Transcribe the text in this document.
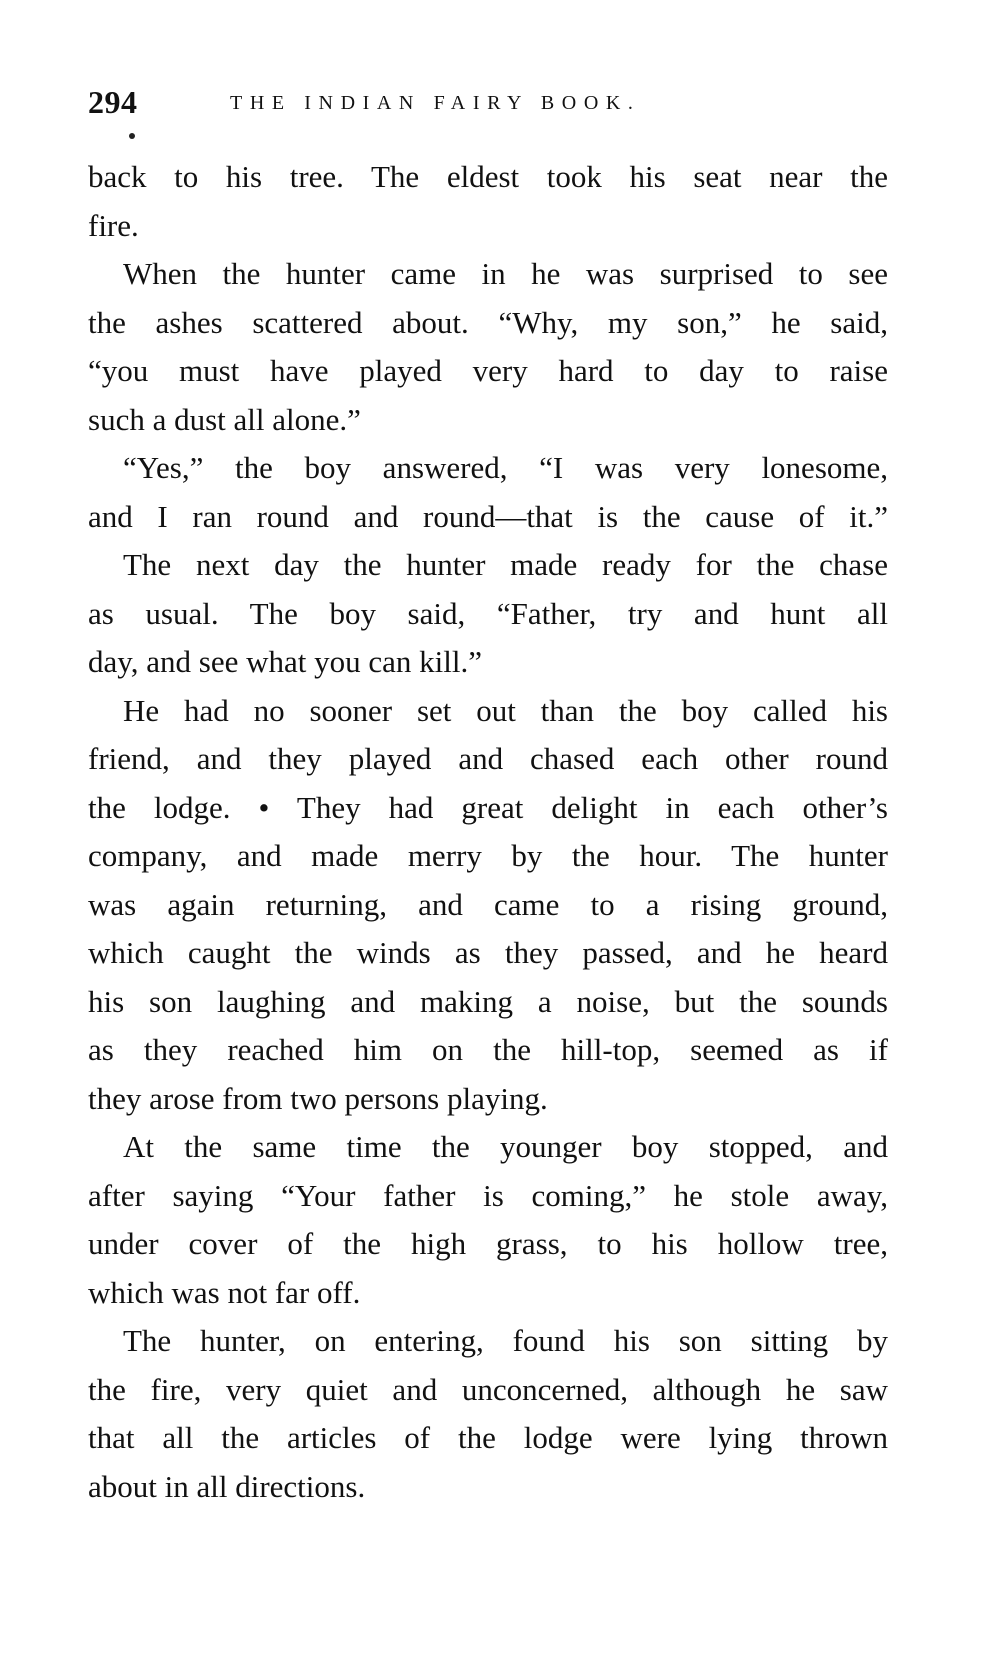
294	THE INDIAN FAIRY BOOK.
back to his tree. The eldest took his seat near the
fire.
When the hunter came in he was surprised to see
the ashes scattered about. “Why, my son,” he said,
“you must have played very hard to day to raise
such a dust all alone.”
“Yes,” the boy answered, “I was very lonesome,
and I ran round and round—that is the cause of it.”
The next day the hunter made ready for the chase
as usual. The boy said, “Father, try and hunt all
day, and see what you can kill.”
He had no sooner set out than the boy called his
friend, and they played and chased each other round
the lodge. • They had great delight in each other’s
company, and made merry by the hour. The hunter
was again returning, and came to a rising ground,
which caught the winds as they passed, and he heard
his son laughing and making a noise, but the sounds
as they reached him on the hill-top, seemed as if
they arose from two persons playing.
At the same time the younger boy stopped, and
after saying “Your father is coming,” he stole away,
under cover of the high grass, to his hollow tree,
which was not far off.
The hunter, on entering, found his son sitting by
the fire, very quiet and unconcerned, although he saw
that all the articles of the lodge were lying thrown
about in all directions.
